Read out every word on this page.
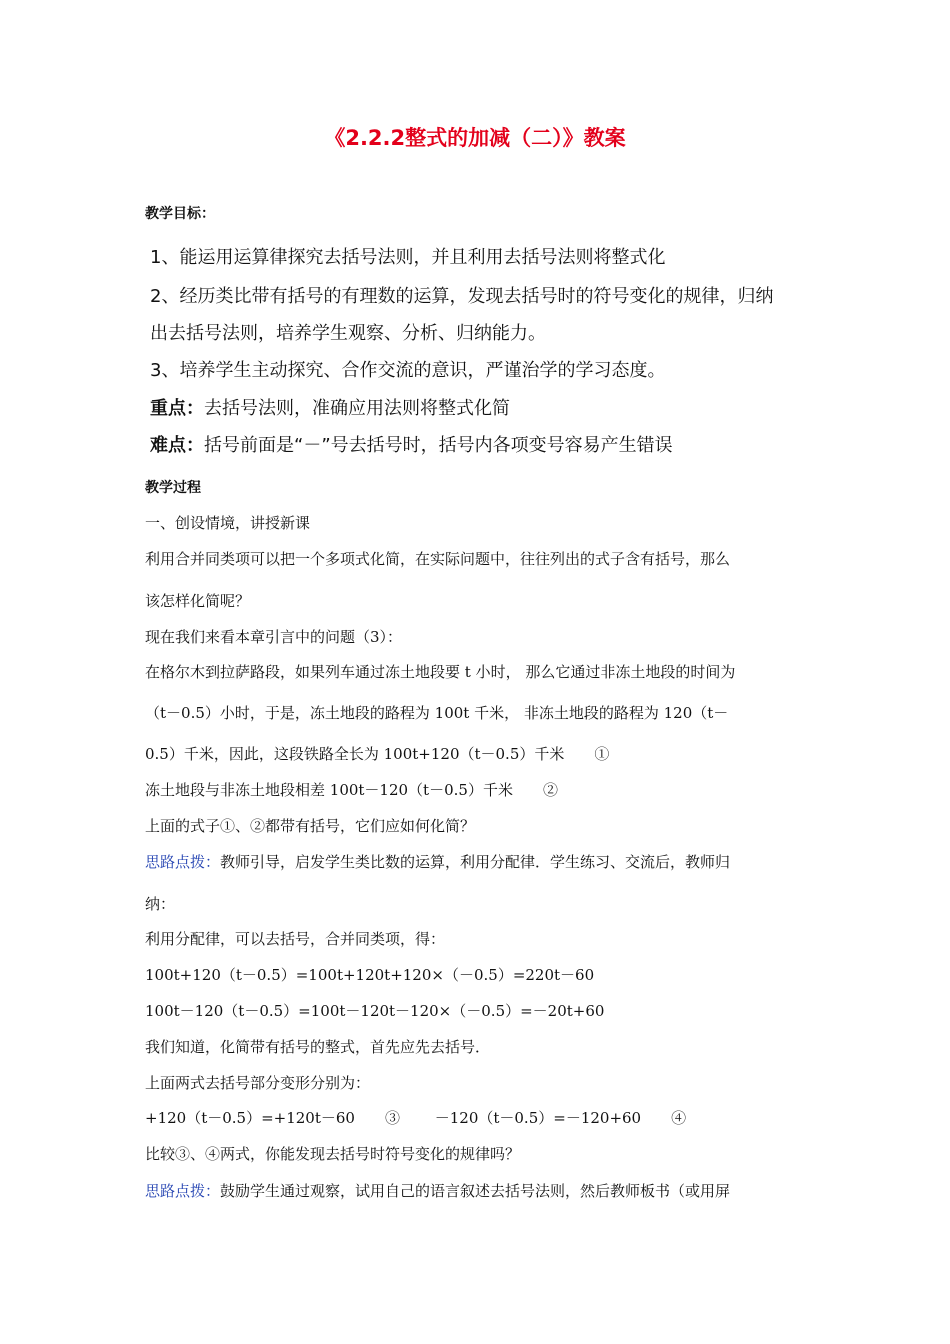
《2.2.2整式的加减（二）》教案
教学目标：
1、能运用运算律探究去括号法则，并且利用去括号法则将整式化
2、经历类比带有括号的有理数的运算，发现去括号时的符号变化的规律，归纳
出去括号法则，培养学生观察、分析、归纳能力。
3、培养学生主动探究、合作交流的意识，严谨治学的学习态度。
重点：去括号法则，准确应用法则将整式化简
难点：括号前面是“－”号去括号时，括号内各项变号容易产生错误
教学过程
一、创设情境，讲授新课
利用合并同类项可以把一个多项式化简，在实际问题中，往往列出的式子含有括号，那么
该怎样化简呢？
现在我们来看本章引言中的问题（3）：
在格尔木到拉萨路段，如果列车通过冻土地段要 t 小时， 那么它通过非冻土地段的时间为
（t－0.5）小时，于是，冻土地段的路程为 100t 千米， 非冻土地段的路程为 120（t－
0.5）千米，因此，这段铁路全长为 100t+120（t－0.5）千米　　①
冻土地段与非冻土地段相差 100t－120（t－0.5）千米　　②
上面的式子①、②都带有括号，它们应如何化简？
思路点拨：教师引导，启发学生类比数的运算，利用分配律．学生练习、交流后，教师归
纳：
利用分配律，可以去括号，合并同类项，得：
100t+120（t－0.5）=100t+120t+120×（－0.5）=220t－60
100t－120（t－0.5）=100t－120t－120×（－0.5）=－20t+60
我们知道，化简带有括号的整式，首先应先去括号．
上面两式去括号部分变形分别为：
+120（t－0.5）=+120t－60　　③　　 －120（t－0.5）=－120+60　　④
比较③、④两式，你能发现去括号时符号变化的规律吗？
思路点拨：鼓励学生通过观察，试用自己的语言叙述去括号法则，然后教师板书（或用屏
